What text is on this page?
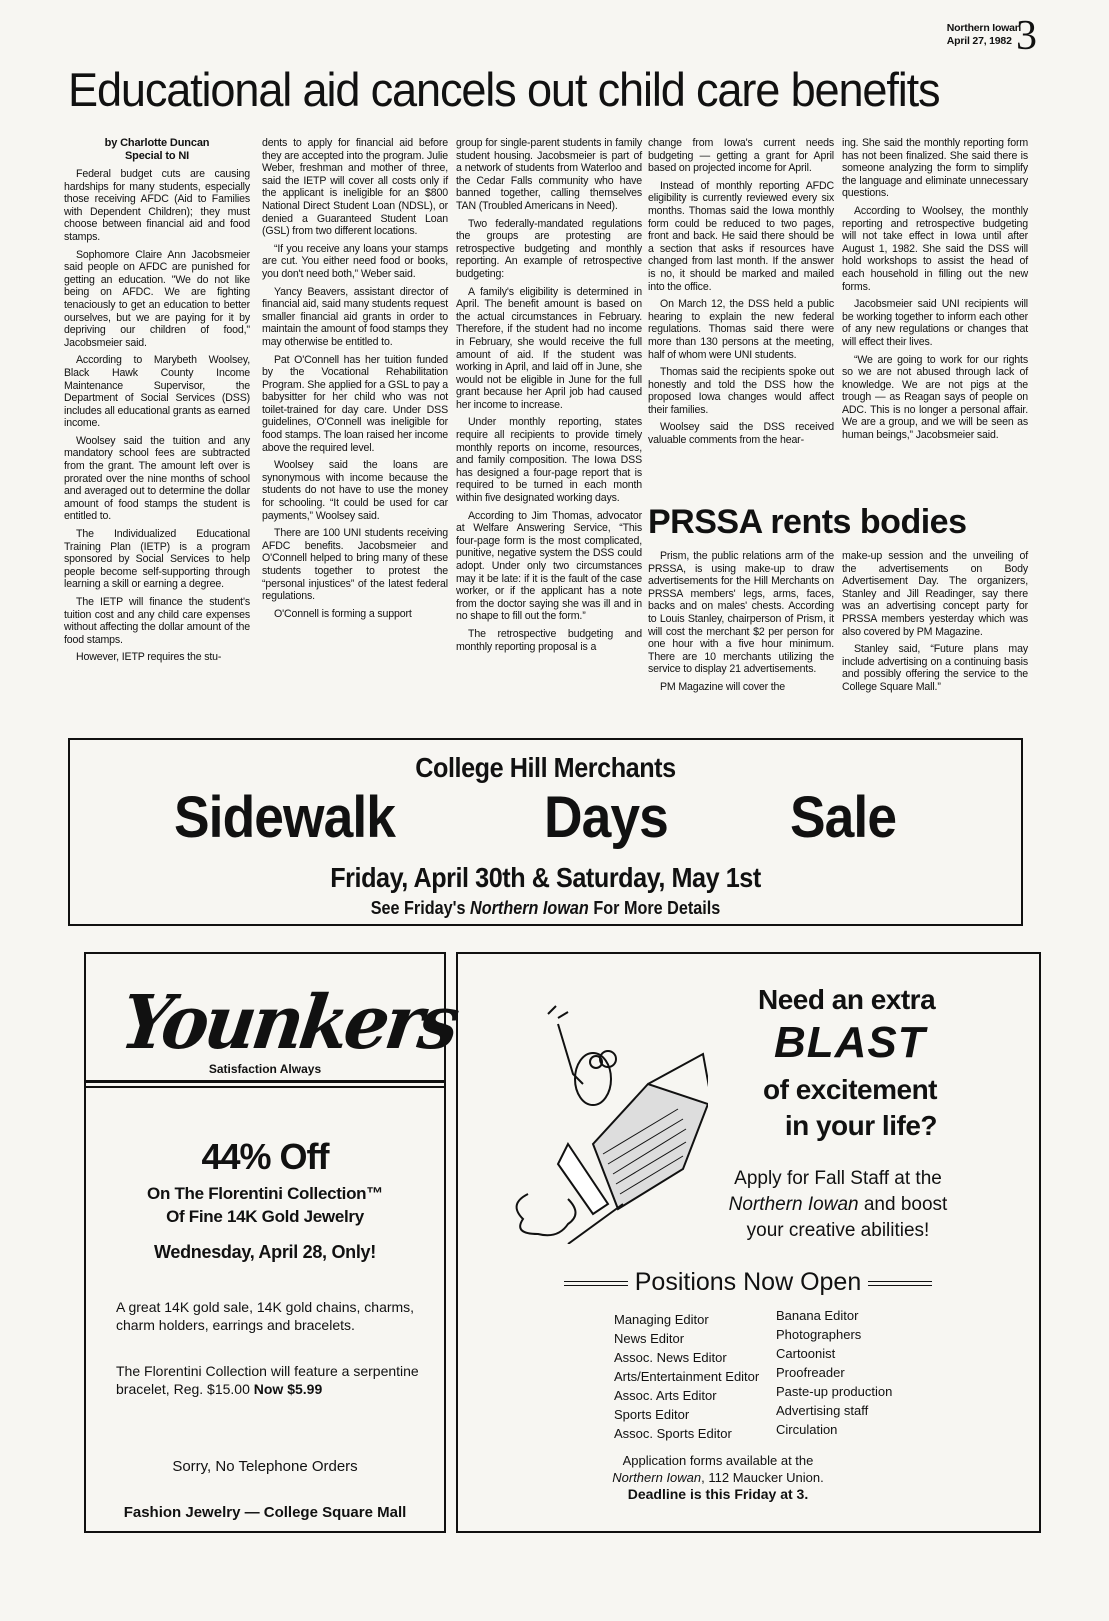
Northern Iowan
April 27, 1982 3
Educational aid cancels out child care benefits
by Charlotte Duncan
Special to NI

Federal budget cuts are causing hardships for many students, especially those receiving AFDC (Aid to Families with Dependent Children); they must choose between financial aid and food stamps.

Sophomore Claire Ann Jacobsmeier said people on AFDC are punished for getting an education. "We do not like being on AFDC. We are fighting tenaciously to get an education to better ourselves, but we are paying for it by depriving our children of food," Jacobsmeier said.

According to Marybeth Woolsey, Black Hawk County Income Maintenance Supervisor, the Department of Social Services (DSS) includes all educational grants as earned income.

Woolsey said the tuition and any mandatory school fees are subtracted from the grant. The amount left over is prorated over the nine months of school and averaged out to determine the dollar amount of food stamps the student is entitled to.

The Individualized Educational Training Plan (IETP) is a program sponsored by Social Services to help people become self-supporting through learning a skill or earning a degree.

The IETP will finance the student's tuition cost and any child care expenses without affecting the dollar amount of the food stamps.

However, IETP requires the stu-

dents to apply for financial aid before they are accepted into the program. Julie Weber, freshman and mother of three, said the IETP will cover all costs only if the applicant is ineligible for an $800 National Direct Student Loan (NDSL), or denied a Guaranteed Student Loan (GSL) from two different locations.

“If you receive any loans your stamps are cut. You either need food or books, you don't need both,” Weber said.

Yancy Beavers, assistant director of financial aid, said many students request smaller financial aid grants in order to maintain the amount of food stamps they may otherwise be entitled to.

Pat O'Connell has her tuition funded by the Vocational Rehabilitation Program. She applied for a GSL to pay a babysitter for her child who was not toilet-trained for day care. Under DSS guidelines, O'Connell was ineligible for food stamps. The loan raised her income above the required level.

Woolsey said the loans are synonymous with income because the students do not have to use the money for schooling. “It could be used for car payments,” Woolsey said.

There are 100 UNI students receiving AFDC benefits. Jacobsmeier and O'Connell helped to bring many of these students together to protest the “personal injustices” of the latest federal regulations.

O'Connell is forming a support

group for single-parent students in family student housing. Jacobsmeier is part of a network of students from Waterloo and the Cedar Falls community who have banned together, calling themselves TAN (Troubled Americans in Need).

Two federally-mandated regulations the groups are protesting are retrospective budgeting and monthly reporting. An example of retrospective budgeting:

A family's eligibility is determined in April. The benefit amount is based on the actual circumstances in February. Therefore, if the student had no income in February, she would receive the full amount of aid. If the student was working in April, and laid off in June, she would not be eligible in June for the full grant because her April job had caused her income to increase.

Under monthly reporting, states require all recipients to provide timely monthly reports on income, resources, and family composition. The Iowa DSS has designed a four-page report that is required to be turned in each month within five designated working days.

According to Jim Thomas, advocator at Welfare Answering Service, “This four-page form is the most complicated, punitive, negative system the DSS could adopt. Under only two circumstances may it be late: if it is the fault of the case worker, or if the applicant has a note from the doctor saying she was ill and in no shape to fill out the form.”

The retrospective budgeting and monthly reporting proposal is a

change from Iowa's current needs budgeting — getting a grant for April based on projected income for April.

Instead of monthly reporting AFDC eligibility is currently reviewed every six months. Thomas said the Iowa monthly form could be reduced to two pages, front and back. He said there should be a section that asks if resources have changed from last month. If the answer is no, it should be marked and mailed into the office.

On March 12, the DSS held a public hearing to explain the new federal regulations. Thomas said there were more than 130 persons at the meeting, half of whom were UNI students.

Thomas said the recipients spoke out honestly and told the DSS how the proposed Iowa changes would affect their families.

Woolsey said the DSS received valuable comments from the hear-

ing. She said the monthly reporting form has not been finalized. She said there is someone analyzing the form to simplify the language and eliminate unnecessary questions.

According to Woolsey, the monthly reporting and retrospective budgeting will not take effect in Iowa until after August 1, 1982. She said the DSS will hold workshops to assist the head of each household in filling out the new forms.

Jacobsmeier said UNI recipients will be working together to inform each other of any new regulations or changes that will effect their lives.

“We are going to work for our rights so we are not abused through lack of knowledge. We are not pigs at the trough — as Reagan says of people on ADC. This is no longer a personal affair. We are a group, and we will be seen as human beings,” Jacobsmeier said.

PRSSA rents bodies

Prism, the public relations arm of the PRSSA, is using make-up to draw advertisements for the Hill Merchants on PRSSA members' legs, arms, faces, backs and on males' chests. According to Louis Stanley, chairperson of Prism, it will cost the merchant $2 per person for one hour with a five hour minimum. There are 10 merchants utilizing the service to display 21 advertisements.

PM Magazine will cover the

make-up session and the unveiling of the advertisements on Body Advertisement Day. The organizers, Stanley and Jill Readinger, say there was an advertising concept party for PRSSA members yesterday which was also covered by PM Magazine.

Stanley said, “Future plans may include advertising on a continuing basis and possibly offering the service to the College Square Mall.”

College Hill Merchants
Sidewalk	Days Sale
Friday, April 30th & Saturday, May 1st
See Friday's Northern Iowan For More Details
Younkers
Satisfaction Always
44% Off
On The Florentini Collection™
Of Fine 14K Gold Jewelry
Wednesday, April 28, Only!
A great 14K gold sale, 14K gold chains, charms, charm holders, earrings and bracelets.
The Florentini Collection will feature a serpentine bracelet, Reg. $15.00 Now $5.99
Sorry, No Telephone Orders
Fashion Jewelry — College Square Mall
Need an extra
BLAST
of excitement
in your life?
Apply for Fall Staff at the
Northern Iowan and boost
your creative abilities!
Positions Now Open
Managing Editor
News Editor
Assoc. News Editor
Arts/Entertainment Editor
Assoc. Arts Editor
Sports Editor
Assoc. Sports Editor
Banana Editor
Photographers
Cartoonist
Proofreader
Paste-up production
Advertising staff
Circulation
Application forms available at the
Northern Iowan, 112 Maucker Union.
Deadline is this Friday at 3.
